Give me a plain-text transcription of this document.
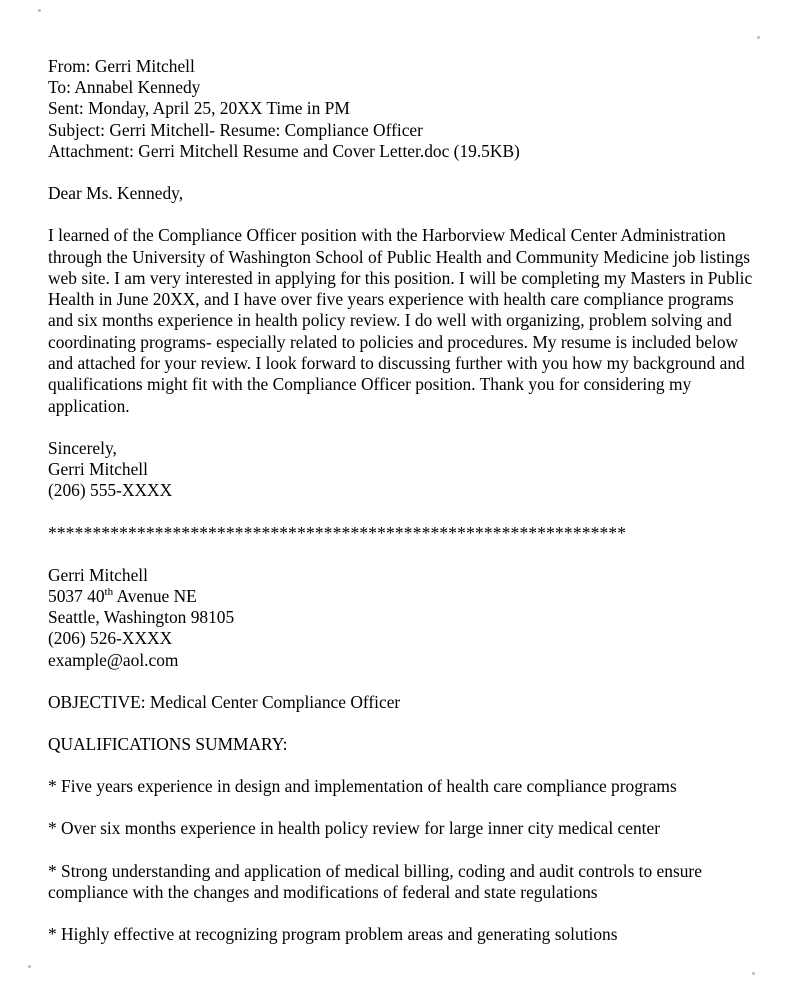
From: Gerri Mitchell
To: Annabel Kennedy
Sent: Monday, April 25, 20XX Time in PM
Subject: Gerri Mitchell- Resume: Compliance Officer
Attachment: Gerri Mitchell Resume and Cover Letter.doc (19.5KB)
Dear Ms. Kennedy,
I learned of the Compliance Officer position with the Harborview Medical Center Administration through the University of Washington School of Public Health and Community Medicine job listings web site. I am very interested in applying for this position. I will be completing my Masters in Public Health in June 20XX, and I have over five years experience with health care compliance programs and six months experience in health policy review. I do well with organizing, problem solving and coordinating programs- especially related to policies and procedures. My resume is included below and attached for your review. I look forward to discussing further with you how my background and qualifications might fit with the Compliance Officer position. Thank you for considering my application.
Sincerely,
Gerri Mitchell
(206) 555-XXXX
*****************************************************************
Gerri Mitchell
5037 40th Avenue NE
Seattle, Washington 98105
(206) 526-XXXX
example@aol.com
OBJECTIVE: Medical Center Compliance Officer
QUALIFICATIONS SUMMARY:
* Five years experience in design and implementation of health care compliance programs
* Over six months experience in health policy review for large inner city medical center
* Strong understanding and application of medical billing, coding and audit controls to ensure compliance with the changes and modifications of federal and state regulations
* Highly effective at recognizing program problem areas and generating solutions
